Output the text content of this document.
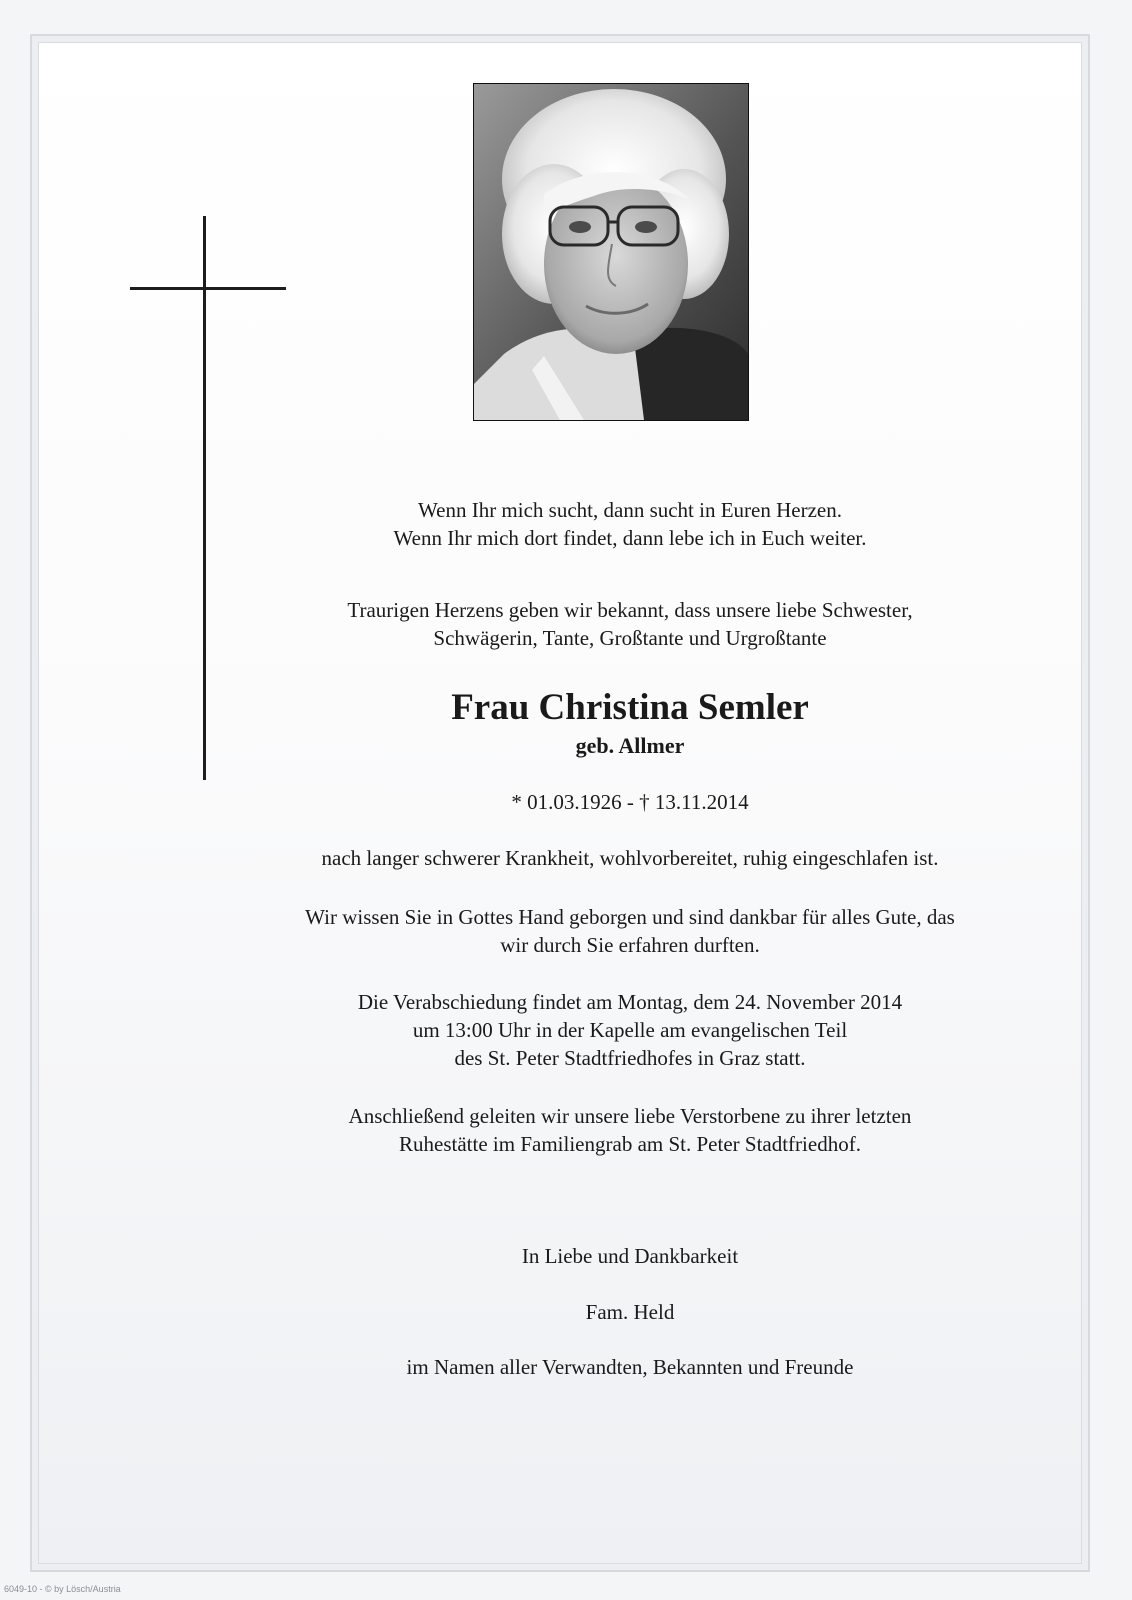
Wenn Ihr mich sucht, dann sucht in Euren Herzen.
Wenn Ihr mich dort findet, dann lebe ich in Euch weiter.
Traurigen Herzens geben wir bekannt, dass unsere liebe Schwester,
Schwägerin, Tante, Großtante und Urgroßtante
Frau Christina Semler
geb. Allmer
* 01.03.1926 - † 13.11.2014
nach langer schwerer Krankheit, wohlvorbereitet, ruhig eingeschlafen ist.
Wir wissen Sie in Gottes Hand geborgen und sind dankbar für alles Gute, das
wir durch Sie erfahren durften.
Die Verabschiedung findet am Montag, dem 24. November 2014
um 13:00 Uhr in der Kapelle am evangelischen Teil
des St. Peter Stadtfriedhofes in Graz statt.
Anschließend geleiten wir unsere liebe Verstorbene zu ihrer letzten
Ruhestätte im Familiengrab am St. Peter Stadtfriedhof.
In Liebe und Dankbarkeit
Fam. Held
im Namen aller Verwandten, Bekannten und Freunde
6049-10 - © by Lösch/Austria
